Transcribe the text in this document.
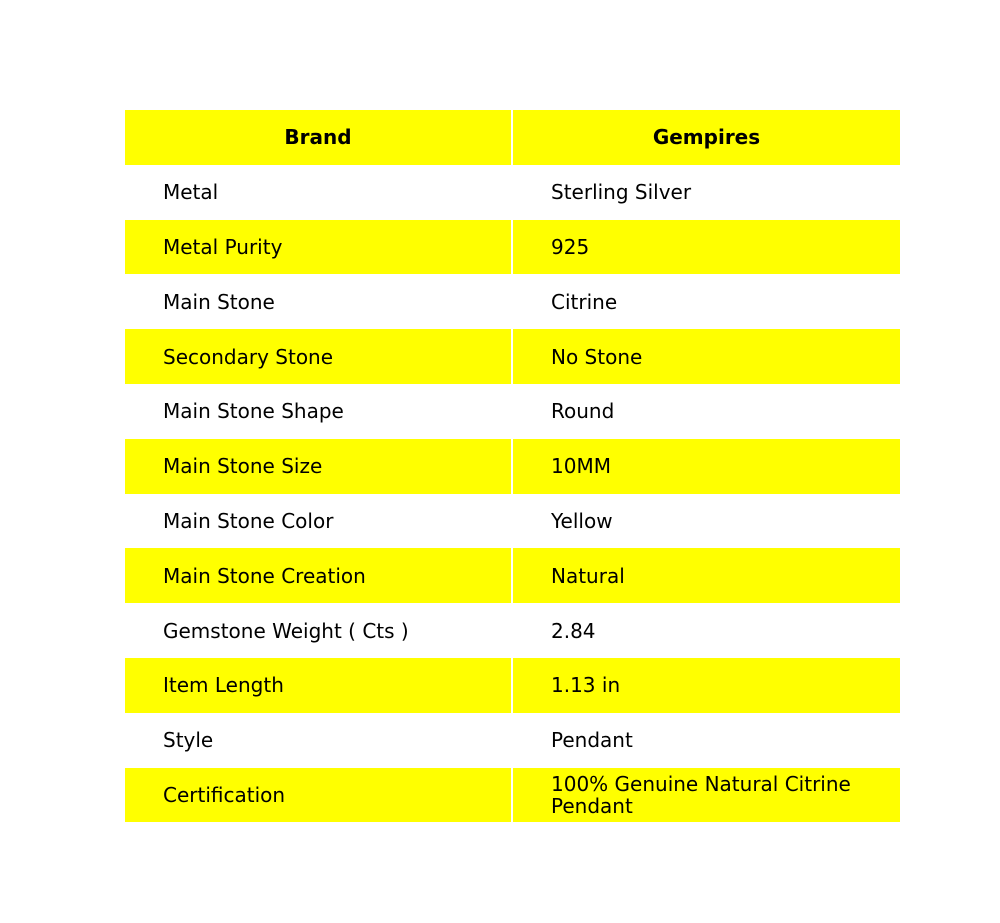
Brand	Gempires
Metal	Sterling Silver
Metal Purity	925
Main Stone	Citrine
Secondary Stone	No Stone
Main Stone Shape	Round
Main Stone Size	10MM
Main Stone Color	Yellow
Main Stone Creation	Natural
Gemstone Weight ( Cts )	2.84
Item Length	1.13 in
Style	Pendant
Certification	100% Genuine Natural Citrine Pendant
